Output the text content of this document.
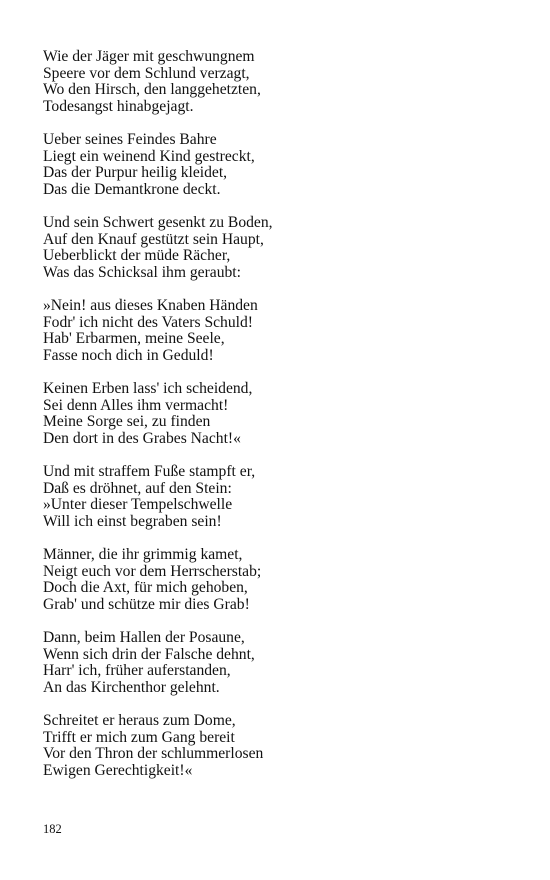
Wie der Jäger mit geschwungnem
Speere vor dem Schlund verzagt,
Wo den Hirsch, den langgehetzten,
Todesangst hinabgejagt.
Ueber seines Feindes Bahre
Liegt ein weinend Kind gestreckt,
Das der Purpur heilig kleidet,
Das die Demantkrone deckt.
Und sein Schwert gesenkt zu Boden,
Auf den Knauf gestützt sein Haupt,
Ueberblickt der müde Rächer,
Was das Schicksal ihm geraubt:
»Nein! aus dieses Knaben Händen
Fodr' ich nicht des Vaters Schuld!
Hab' Erbarmen, meine Seele,
Fasse noch dich in Geduld!
Keinen Erben lass' ich scheidend,
Sei denn Alles ihm vermacht!
Meine Sorge sei, zu finden
Den dort in des Grabes Nacht!«
Und mit straffem Fuße stampft er,
Daß es dröhnet, auf den Stein:
»Unter dieser Tempelschwelle
Will ich einst begraben sein!
Männer, die ihr grimmig kamet,
Neigt euch vor dem Herrscherstab;
Doch die Axt, für mich gehoben,
Grab' und schütze mir dies Grab!
Dann, beim Hallen der Posaune,
Wenn sich drin der Falsche dehnt,
Harr' ich, früher auferstanden,
An das Kirchenthor gelehnt.
Schreitet er heraus zum Dome,
Trifft er mich zum Gang bereit
Vor den Thron der schlummerlosen
Ewigen Gerechtigkeit!«
182
